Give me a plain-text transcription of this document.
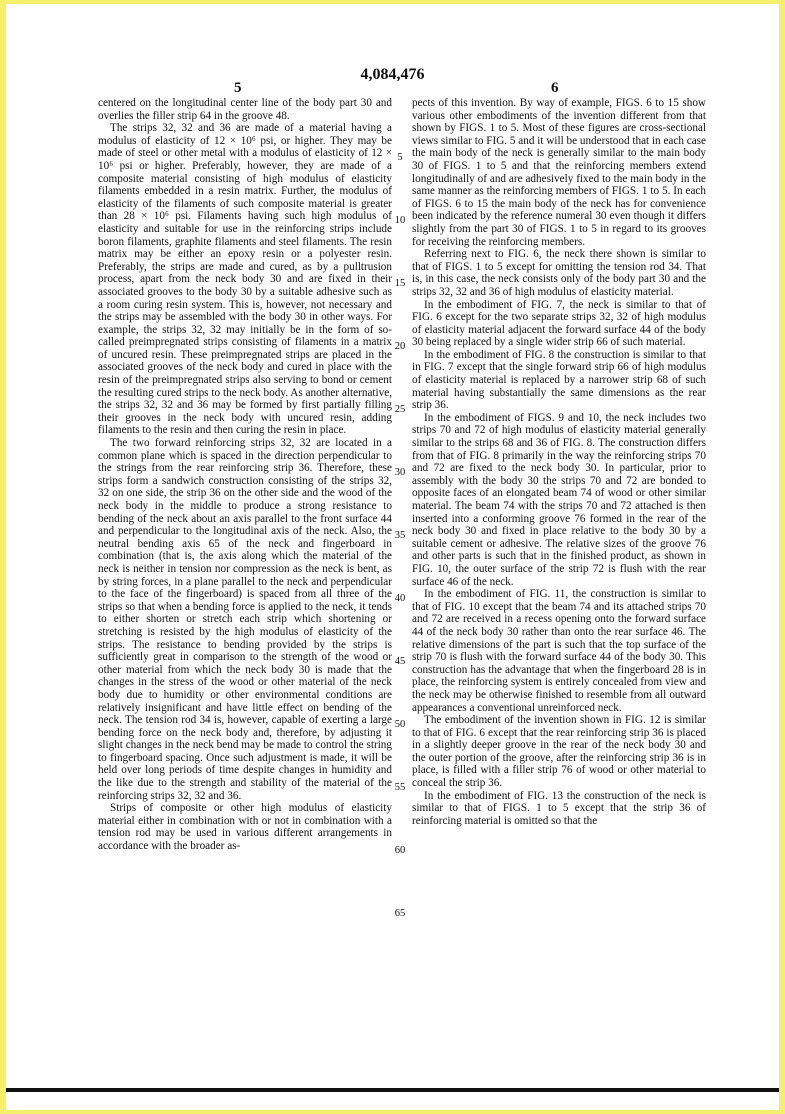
4,084,476
5	6

centered on the longitudinal center line of the body part 30 and overlies the filler strip 64 in the groove 48.

The strips 32, 32 and 36 are made of a material having a modulus of elasticity of 12 × 10⁶ psi, or higher. They may be made of steel or other metal with a modulus of elasticity of 12 × 10⁶ psi or higher. Preferably, however, they are made of a composite material consisting of high modulus of elasticity filaments embedded in a resin matrix. Further, the modulus of elasticity of the filaments of such composite material is greater than 28 × 10⁶ psi. Filaments having such high modulus of elasticity and suitable for use in the reinforcing strips include boron filaments, graphite filaments and steel filaments. The resin matrix may be either an epoxy resin or a polyester resin. Preferably, the strips are made and cured, as by a pulltrusion process, apart from the neck body 30 and are fixed in their associated grooves to the body 30 by a suitable adhesive such as a room curing resin system. This is, however, not necessary and the strips may be assembled with the body 30 in other ways. For example, the strips 32, 32 may initially be in the form of so-called preimpregnated strips consisting of filaments in a matrix of uncured resin. These preimpregnated strips are placed in the associated grooves of the neck body and cured in place with the resin of the preimpregnated strips also serving to bond or cement the resulting cured strips to the neck body. As another alternative, the strips 32, 32 and 36 may be formed by first partially filling their grooves in the neck body with uncured resin, adding filaments to the resin and then curing the resin in place.

The two forward reinforcing strips 32, 32 are located in a common plane which is spaced in the direction perpendicular to the strings from the rear reinforcing strip 36. Therefore, these strips form a sandwich construction consisting of the strips 32, 32 on one side, the strip 36 on the other side and the wood of the neck body in the middle to produce a strong resistance to bending of the neck about an axis parallel to the front surface 44 and perpendicular to the longitudinal axis of the neck. Also, the neutral bending axis 65 of the neck and fingerboard in combination (that is, the axis along which the material of the neck is neither in tension nor compression as the neck is bent, as by string forces, in a plane parallel to the neck and perpendicular to the face of the fingerboard) is spaced from all three of the strips so that when a bending force is applied to the neck, it tends to either shorten or stretch each strip which shortening or stretching is resisted by the high modulus of elasticity of the strips. The resistance to bending provided by the strips is sufficiently great in comparison to the strength of the wood or other material from which the neck body 30 is made that the changes in the stress of the wood or other material of the neck body due to humidity or other environmental conditions are relatively insignificant and have little effect on bending of the neck. The tension rod 34 is, however, capable of exerting a large bending force on the neck body and, therefore, by adjusting it slight changes in the neck bend may be made to control the string to fingerboard spacing. Once such adjustment is made, it will be held over long periods of time despite changes in humidity and the like due to the strength and stability of the material of the reinforcing strips 32, 32 and 36.

Strips of composite or other high modulus of elasticity material either in combination with or not in combination with a tension rod may be used in various different arrangements in accordance with the broader as-

5
10
15
20
25
30
35
40
45
50
55
60
65

pects of this invention. By way of example, FIGS. 6 to 15 show various other embodiments of the invention different from that shown by FIGS. 1 to 5. Most of these figures are cross-sectional views similar to FIG. 5 and it will be understood that in each case the main body of the neck is generally similar to the main body 30 of FIGS. 1 to 5 and that the reinforcing members extend longitudinally of and are adhesively fixed to the main body in the same manner as the reinforcing members of FIGS. 1 to 5. In each of FIGS. 6 to 15 the main body of the neck has for convenience been indicated by the reference numeral 30 even though it differs slightly from the part 30 of FIGS. 1 to 5 in regard to its grooves for receiving the reinforcing members.

Referring next to FIG. 6, the neck there shown is similar to that of FIGS. 1 to 5 except for omitting the tension rod 34. That is, in this case, the neck consists only of the body part 30 and the strips 32, 32 and 36 of high modulus of elasticity material.

In the embodiment of FIG. 7, the neck is similar to that of FIG. 6 except for the two separate strips 32, 32 of high modulus of elasticity material adjacent the forward surface 44 of the body 30 being replaced by a single wider strip 66 of such material.

In the embodiment of FIG. 8 the construction is similar to that in FIG. 7 except that the single forward strip 66 of high modulus of elasticity material is replaced by a narrower strip 68 of such material having substantially the same dimensions as the rear strip 36.

In the embodiment of FIGS. 9 and 10, the neck includes two strips 70 and 72 of high modulus of elasticity material generally similar to the strips 68 and 36 of FIG. 8. The construction differs from that of FIG. 8 primarily in the way the reinforcing strips 70 and 72 are fixed to the neck body 30. In particular, prior to assembly with the body 30 the strips 70 and 72 are bonded to opposite faces of an elongated beam 74 of wood or other similar material. The beam 74 with the strips 70 and 72 attached is then inserted into a conforming groove 76 formed in the rear of the neck body 30 and fixed in place relative to the body 30 by a suitable cement or adhesive. The relative sizes of the groove 76 and other parts is such that in the finished product, as shown in FIG. 10, the outer surface of the strip 72 is flush with the rear surface 46 of the neck.

In the embodiment of FIG. 11, the construction is similar to that of FIG. 10 except that the beam 74 and its attached strips 70 and 72 are received in a recess opening onto the forward surface 44 of the neck body 30 rather than onto the rear surface 46. The relative dimensions of the part is such that the top surface of the strip 70 is flush with the forward surface 44 of the body 30. This construction has the advantage that when the fingerboard 28 is in place, the reinforcing system is entirely concealed from view and the neck may be otherwise finished to resemble from all outward appearances a conventional unreinforced neck.

The embodiment of the invention shown in FIG. 12 is similar to that of FIG. 6 except that the rear reinforcing strip 36 is placed in a slightly deeper groove in the rear of the neck body 30 and the outer portion of the groove, after the reinforcing strip 36 is in place, is filled with a filler strip 76 of wood or other material to conceal the strip 36.

In the embodiment of FIG. 13 the construction of the neck is similar to that of FIGS. 1 to 5 except that the strip 36 of reinforcing material is omitted so that the
